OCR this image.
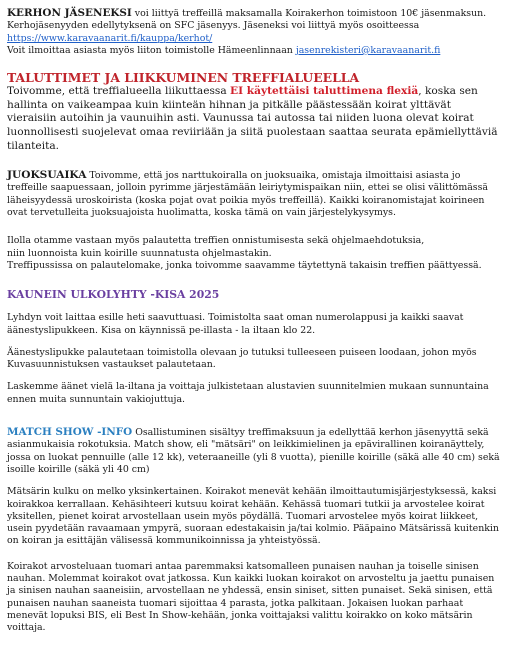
KERHON JÄSENEKSI voi liittyä treffeillä maksamalla Koirakerhon toimistoon 10€ jäsenmaksun.

Kerhojäsenyyden edellytyksenä on SFC jäsenyys. Jäseneksi voi liittyä myös osoitteessa

https://www.karavaanarit.fi/kauppa/kerhot/

Voit ilmoittaa asiasta myös liiton toimistolle Hämeenlinnaan jasenrekisteri@karavaanarit.fi

TALUTTIMET JA LIIKKUMINEN TREFFIALUEELLA

Toivomme, että treffialueella liikuttaessa EI käytettäisi taluttimena flexiä, koska sen hallinta on vaikeampaa kuin kiinteän hihnan ja pitkälle päästessään koirat ylttävät vieraisiin autoihin ja vaunuihin asti. Vaunussa tai autossa tai niiden luona olevat koirat luonnollisesti suojelevat omaa reviiriään ja siitä puolestaan saattaa seurata epämiellyttäviä tilanteita.

JUOKSUAIKA Toivomme, että jos narttukoiralla on juoksuaika, omistaja ilmoittaisi asiasta jo treffeille saapuessaan, jolloin pyrimme järjestämään leiriytymispaikan niin, ettei se olisi välittömässä läheisyydessä uroskoirista (koska pojat ovat poikia myös treffeillä). Kaikki koiranomistajat koirineen ovat tervetulleita juoksuajoista huolimatta, koska tämä on vain järjestelykysymys.

Ilolla otamme vastaan myös palautetta treffien onnistumisesta sekä ohjelmaehdotuksia,

niin luonnoista kuin koirille suunnatusta ohjelmastakin.

Treffipussissa on palautelomake, jonka toivomme saavamme täytettynä takaisin treffien päättyessä.

KAUNEIN ULKOLYHTY -KISA 2025

Lyhdyn voit laittaa esille heti saavuttuasi. Toimistolta saat oman numerolappusi ja kaikki saavat äänestyslipukkeen. Kisa on käynnissä pe-illasta - la iltaan klo 22.

Äänestyslipukke palautetaan toimistolla olevaan jo tutuksi tulleeseen puiseen loodaan, johon myös Kuvasuunnistuksen vastaukset palautetaan.

Laskemme äänet vielä la-iltana ja voittaja julkistetaan alustavien suunnitelmien mukaan sunnuntaina ennen muita sunnuntain vakiojuttuja.

MATCH SHOW -INFO Osallistuminen sisältyy treffimaksuun ja edellyttää kerhon jäsenyyttä sekä asianmukaisia rokotuksia. Match show, eli "mätsäri" on leikkimielinen ja epävirallinen koiranäyttely, jossa on luokat pennuille (alle 12 kk), veteraaneille (yli 8 vuotta), pienille koirille (säkä alle 40 cm) sekä isoille koirille (säkä yli 40 cm)

Mätsärin kulku on melko yksinkertainen. Koirakot menevät kehään ilmoittautumisjärjestyksessä, kaksi koirakkoa kerrallaan. Kehäsihteeri kutsuu koirat kehään. Kehässä tuomari tutkii ja arvostelee koirat yksitellen, pienet koirat arvostellaan usein myös pöydällä. Tuomari arvostelee myös koirat liikkeet, usein pyydetään ravaamaan ympyrä, suoraan edestakaisin ja/tai kolmio. Pääpaino Mätsärissä kuitenkin on koiran ja esittäjän välisessä kommunikoinnissa ja yhteistyössä.

Koirakot arvosteluaan tuomari antaa paremmaksi katsomalleen punaisen nauhan ja toiselle sinisen nauhan. Molemmat koirakot ovat jatkossa. Kun kaikki luokan koirakot on arvosteltu ja jaettu punaisen ja sinisen nauhan saaneisiin, arvostellaan ne yhdessä, ensin siniset, sitten punaiset. Sekä sinisen, että punaisen nauhan saaneista tuomari sijoittaa 4 parasta, jotka palkitaan. Jokaisen luokan parhaat menevät lopuksi BIS, eli Best In Show-kehään, jonka voittajaksi valittu koirakko on koko mätsärin voittaja.
